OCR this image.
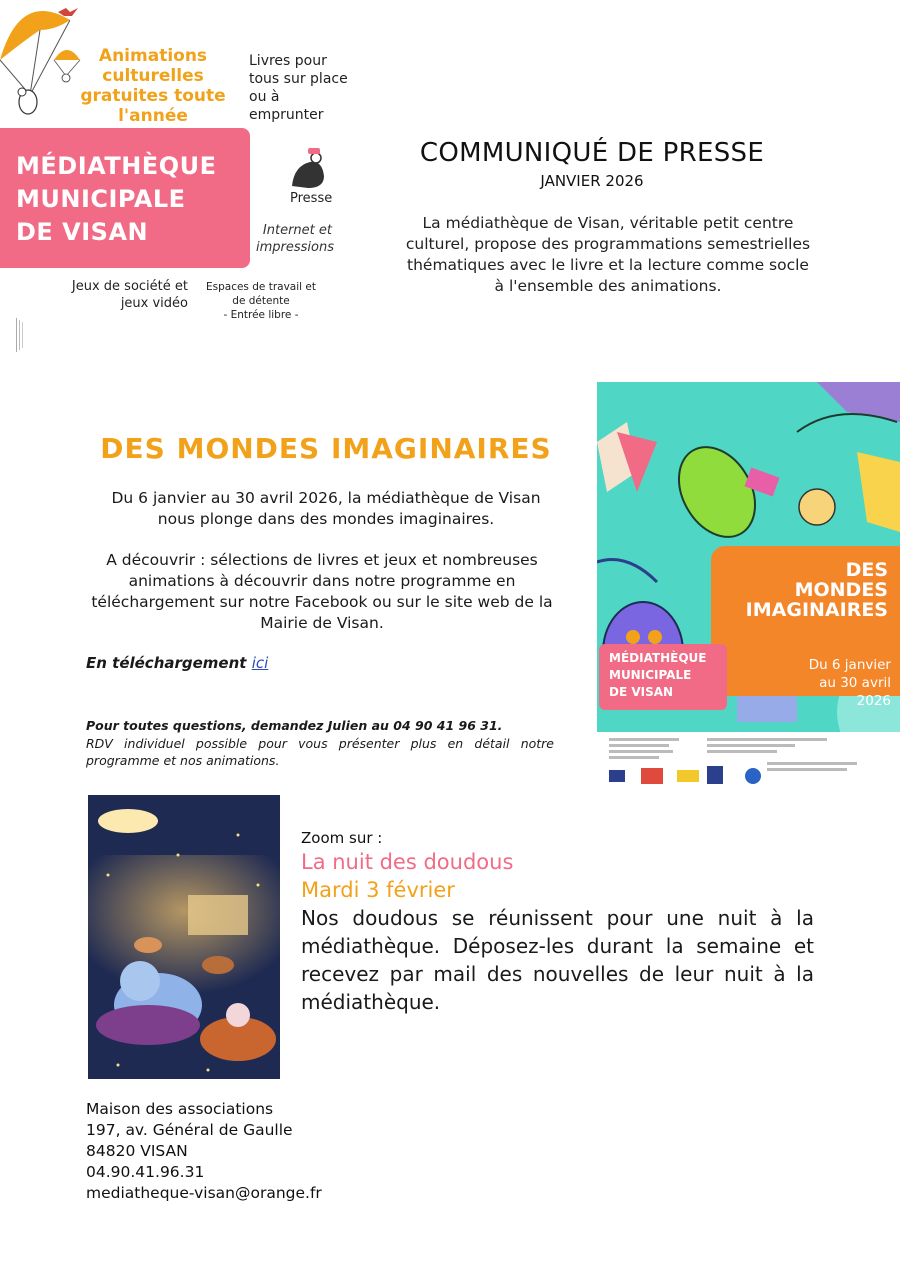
Animations culturelles gratuites toute l'année
Livres pour tous sur place ou à emprunter
MÉDIATHÈQUE
MUNICIPALE
DE VISAN
Presse
Internet et impressions
Jeux de société et jeux vidéo
Espaces de travail et de détente
- Entrée libre -
COMMUNIQUÉ DE PRESSE
JANVIER 2026
La médiathèque de Visan, véritable petit centre culturel, propose des programmations semestrielles thématiques avec le livre et la lecture comme socle à l'ensemble des animations.
DES MONDES IMAGINAIRES
Du 6 janvier au 30 avril 2026, la médiathèque de Visan nous plonge dans des mondes imaginaires.
A découvrir : sélections de livres et jeux et nombreuses animations à découvrir dans notre programme en téléchargement sur notre Facebook ou sur le site web de la Mairie de Visan.
En téléchargement ici
Pour toutes questions, demandez Julien au 04 90 41 96 31.
RDV individuel possible pour vous présenter plus en détail notre programme et nos animations.
DES
MONDES
IMAGINAIRES
MÉDIATHÈQUE
MUNICIPALE
DE VISAN
Du 6 janvier
au 30 avril
2026
Zoom sur :
La nuit des doudous
Mardi 3 février
Nos doudous se réunissent pour une nuit à la médiathèque. Déposez-les durant la semaine et recevez par mail des nouvelles de leur nuit à la médiathèque.
Maison des associations
197, av. Général de Gaulle
84820 VISAN
04.90.41.96.31
mediatheque-visan@orange.fr
